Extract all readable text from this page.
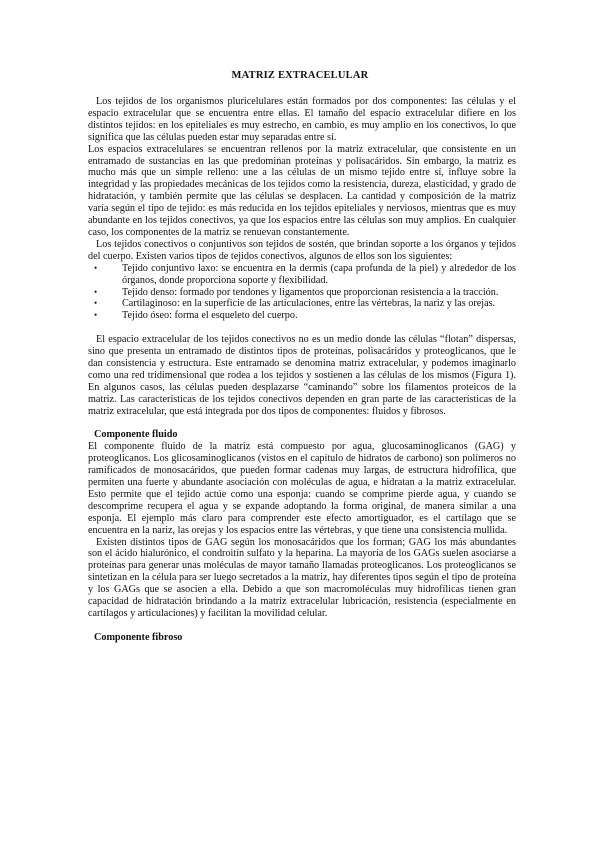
MATRIZ EXTRACELULAR

Los tejidos de los organismos pluricelulares están formados por dos componentes: las células y el espacio extracelular que se encuentra entre ellas. El tamaño del espacio extracelular difiere en los distintos tejidos: en los epiteliales es muy estrecho, en cambio, es muy amplio en los conectivos, lo que significa que las células pueden estar muy separadas entre sí.

Los espacios extracelulares se encuentran rellenos por la matriz extracelular, que consistente en un entramado de sustancias en las que predominan proteínas y polisacáridos. Sin embargo, la matriz es mucho más que un simple relleno: une a las células de un mismo tejido entre sí, influye sobre la integridad y las propiedades mecánicas de los tejidos como la resistencia, dureza, elasticidad, y grado de hidratación, y también permite que las células se desplacen. La cantidad y composición de la matriz varía según el tipo de tejido: es más reducida en los tejidos epiteliales y nerviosos, mientras que es muy abundante en los tejidos conectivos, ya que los espacios entre las células son muy amplios. En cualquier caso, los componentes de la matriz se renuevan constantemente.

Los tejidos conectivos o conjuntivos son tejidos de sostén, que brindan soporte a los órganos y tejidos del cuerpo. Existen varios tipos de tejidos conectivos, algunos de ellos son los siguientes:

• Tejido conjuntivo laxo: se encuentra en la dermis (capa profunda de la piel) y alrededor de los órganos, donde proporciona soporte y flexibilidad.
• Tejido denso: formado por tendones y ligamentos que proporcionan resistencia a la tracción.
• Cartilaginoso: en la superficie de las articulaciones, entre las vértebras, la nariz y las orejas.
• Tejido óseo: forma el esqueleto del cuerpo.

El espacio extracelular de los tejidos conectivos no es un medio donde las células “flotan” dispersas, sino que presenta un entramado de distintos tipos de proteínas, polisacáridos y proteoglicanos, que le dan consistencia y estructura. Este entramado se denomina matriz extracelular, y podemos imaginarlo como una red tridimensional que rodea a los tejidos y sostienen a las células de los mismos (Figura 1). En algunos casos, las células pueden desplazarse “caminando” sobre los filamentos proteicos de la matriz. Las características de los tejidos conectivos dependen en gran parte de las características de la matriz extracelular, que está integrada por dos tipos de componentes: fluidos y fibrosos.

Componente fluido

El componente fluido de la matriz está compuesto por agua, glucosaminoglicanos (GAG) y proteoglicanos. Los glicosaminoglicanos (vistos en el capítulo de hidratos de carbono) son polímeros no ramificados de monosacáridos, que pueden formar cadenas muy largas, de estructura hidrofílica, que permiten una fuerte y abundante asociación con moléculas de agua, e hidratan a la matriz extracelular. Esto permite que el tejido actúe como una esponja: cuando se comprime pierde agua, y cuando se descomprime recupera el agua y se expande adoptando la forma original, de manera similar a una esponja. El ejemplo más claro para comprender este efecto amortiguador, es el cartílago que se encuentra en la nariz, las orejas y los espacios entre las vértebras, y que tiene una consistencia mullida.

Existen distintos tipos de GAG según los monosacáridos que los forman; GAG los más abundantes son el ácido hialurónico, el condroitín sulfato y la heparina. La mayoría de los GAGs suelen asociarse a proteínas para generar unas moléculas de mayor tamaño llamadas proteoglicanos. Los proteoglicanos se sintetizan en la célula para ser luego secretados a la matriz, hay diferentes tipos según el tipo de proteína y los GAGs que se asocien a ella. Debido a que son macromoléculas muy hidrofílicas tienen gran capacidad de hidratación brindando a la matriz extracelular lubricación, resistencia (especialmente en cartílagos y articulaciones) y facilitan la movilidad celular.

Componente fibroso
